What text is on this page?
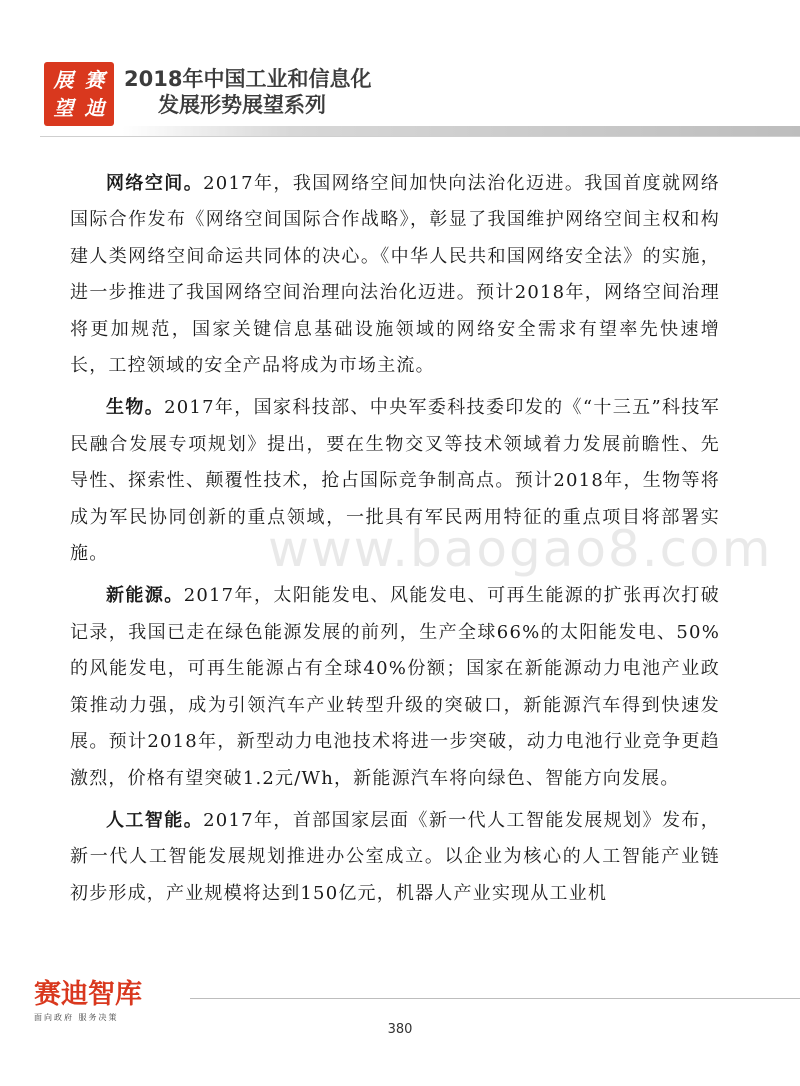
展 赛
望 迪
2018年中国工业和信息化
发展形势展望系列
www.baogao8.com

网络空间。2017年，我国网络空间加快向法治化迈进。我国首度就网络国际合作发布《网络空间国际合作战略》，彰显了我国维护网络空间主权和构建人类网络空间命运共同体的决心。《中华人民共和国网络安全法》的实施，进一步推进了我国网络空间治理向法治化迈进。预计2018年，网络空间治理将更加规范，国家关键信息基础设施领域的网络安全需求有望率先快速增长，工控领域的安全产品将成为市场主流。

生物。2017年，国家科技部、中央军委科技委印发的《“十三五”科技军民融合发展专项规划》提出，要在生物交叉等技术领域着力发展前瞻性、先导性、探索性、颠覆性技术，抢占国际竞争制高点。预计2018年，生物等将成为军民协同创新的重点领域，一批具有军民两用特征的重点项目将部署实施。

新能源。2017年，太阳能发电、风能发电、可再生能源的扩张再次打破记录，我国已走在绿色能源发展的前列，生产全球66%的太阳能发电、50%的风能发电，可再生能源占有全球40%份额；国家在新能源动力电池产业政策推动力强，成为引领汽车产业转型升级的突破口，新能源汽车得到快速发展。预计2018年，新型动力电池技术将进一步突破，动力电池行业竞争更趋激烈，价格有望突破1.2元/Wh，新能源汽车将向绿色、智能方向发展。

人工智能。2017年，首部国家层面《新一代人工智能发展规划》发布，新一代人工智能发展规划推进办公室成立。以企业为核心的人工智能产业链初步形成，产业规模将达到150亿元，机器人产业实现从工业机

赛迪智库
面向政府 服务决策
380
